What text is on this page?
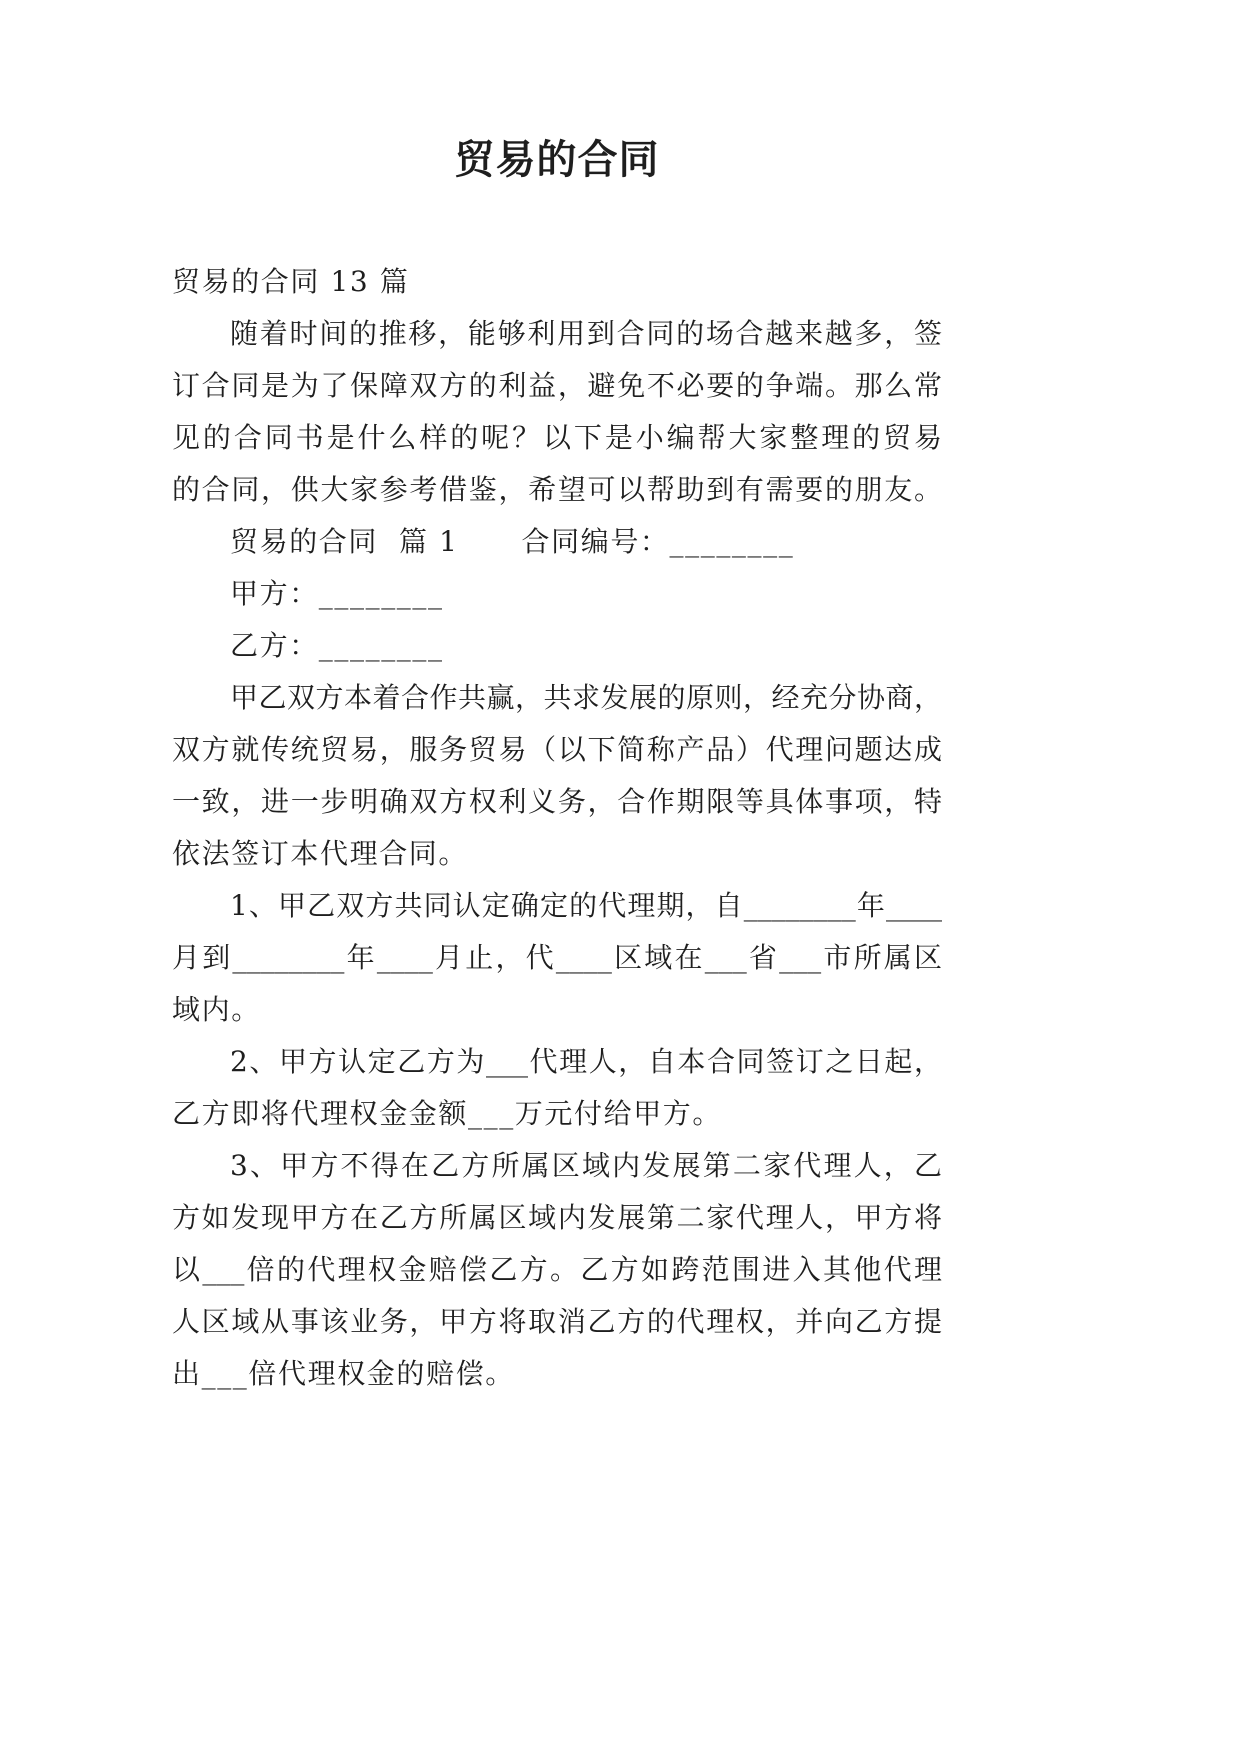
贸易的合同
贸易的合同 13 篇
随着时间的推移，能够利用到合同的场合越来越多，签
订合同是为了保障双方的利益，避免不必要的争端。那么常
见的合同书是什么样的呢？以下是小编帮大家整理的贸易
的合同，供大家参考借鉴，希望可以帮助到有需要的朋友。
贸易的合同  篇 1      合同编号：________
甲方：________
乙方：________
甲乙双方本着合作共赢，共求发展的原则，经充分协商，
双方就传统贸易，服务贸易（以下简称产品）代理问题达成
一致，进一步明确双方权利义务，合作期限等具体事项，特
依法签订本代理合同。
1、甲乙双方共同认定确定的代理期，自________年____
月到________年____月止，代____区域在___省___市所属区
域内。
2、甲方认定乙方为___代理人，自本合同签订之日起，
乙方即将代理权金金额___万元付给甲方。
3、甲方不得在乙方所属区域内发展第二家代理人，乙
方如发现甲方在乙方所属区域内发展第二家代理人，甲方将
以___倍的代理权金赔偿乙方。乙方如跨范围进入其他代理
人区域从事该业务，甲方将取消乙方的代理权，并向乙方提
出___倍代理权金的赔偿。
